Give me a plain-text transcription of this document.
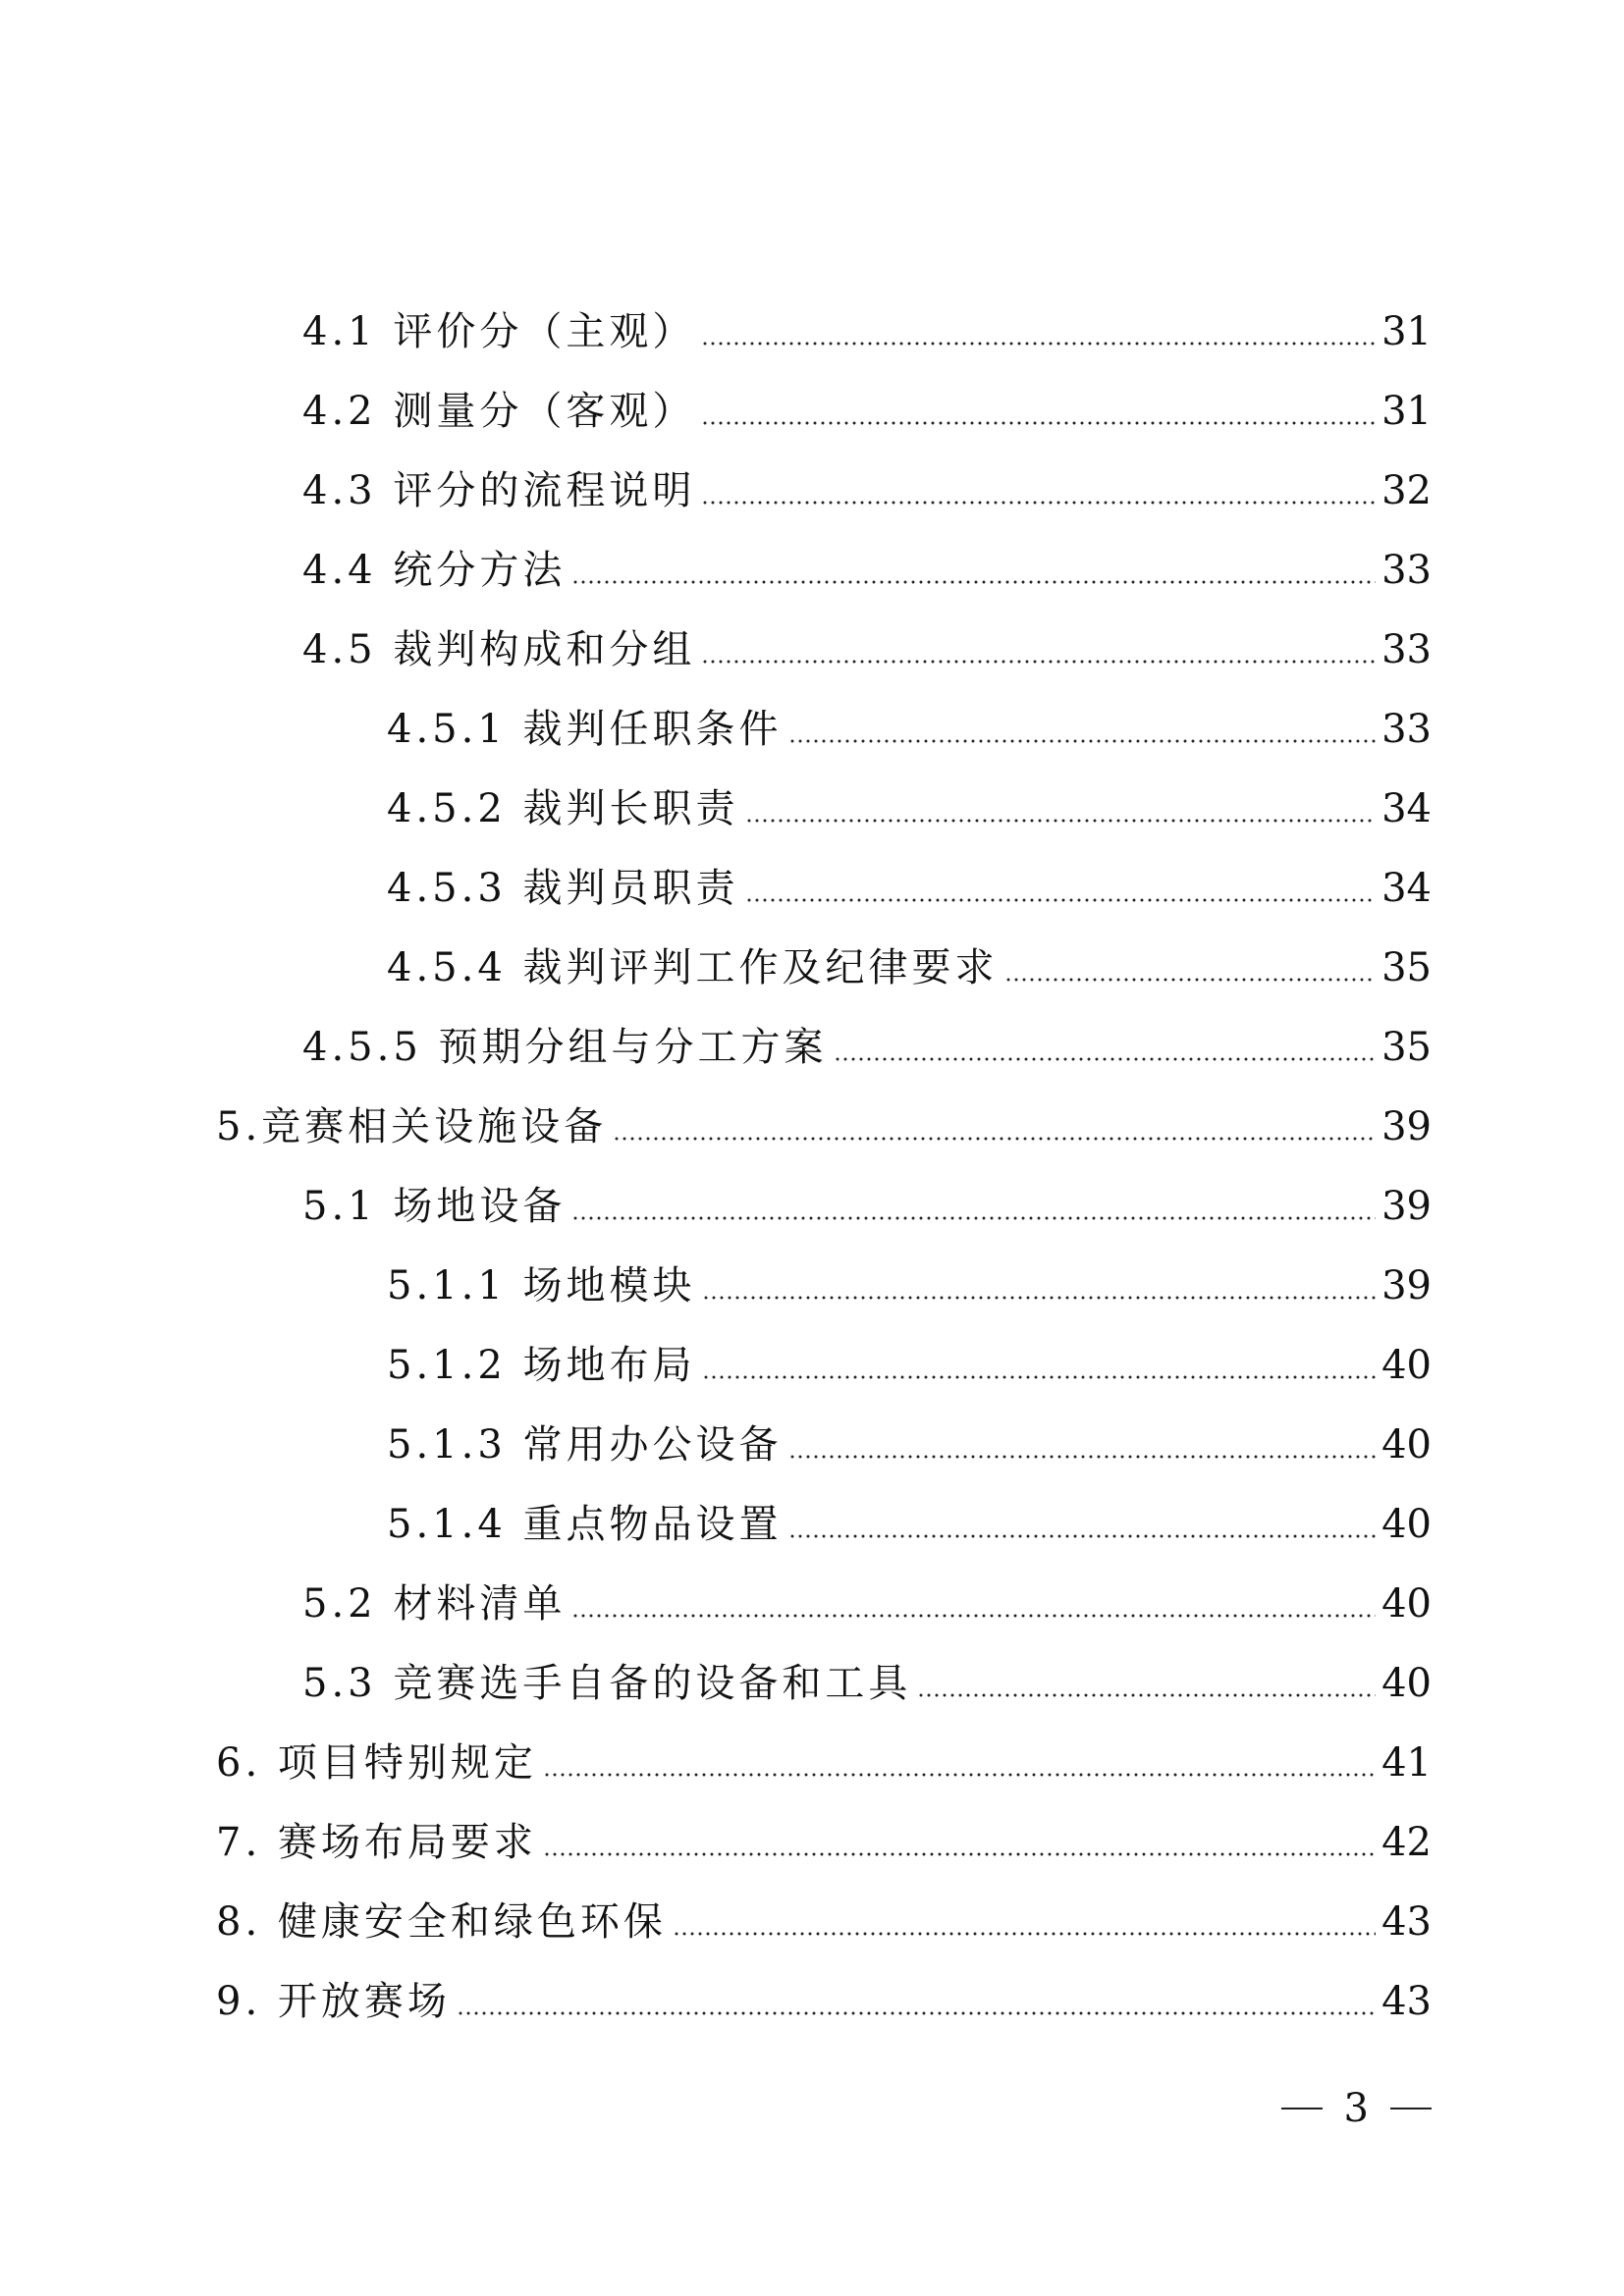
4.1 评价分（主观）	31
4.2 测量分（客观）	31
4.3 评分的流程说明	32
4.4 统分方法	33
4.5 裁判构成和分组	33
4.5.1 裁判任职条件	33
4.5.2 裁判长职责	34
4.5.3 裁判员职责	34
4.5.4 裁判评判工作及纪律要求	35
4.5.5 预期分组与分工方案	35
5.竞赛相关设施设备	39
5.1 场地设备	39
5.1.1 场地模块	39
5.1.2 场地布局	40
5.1.3 常用办公设备	40
5.1.4 重点物品设置	40
5.2 材料清单	40
5.3 竞赛选手自备的设备和工具	40
6. 项目特别规定	41
7. 赛场布局要求	42
8. 健康安全和绿色环保	43
9. 开放赛场	43
3
